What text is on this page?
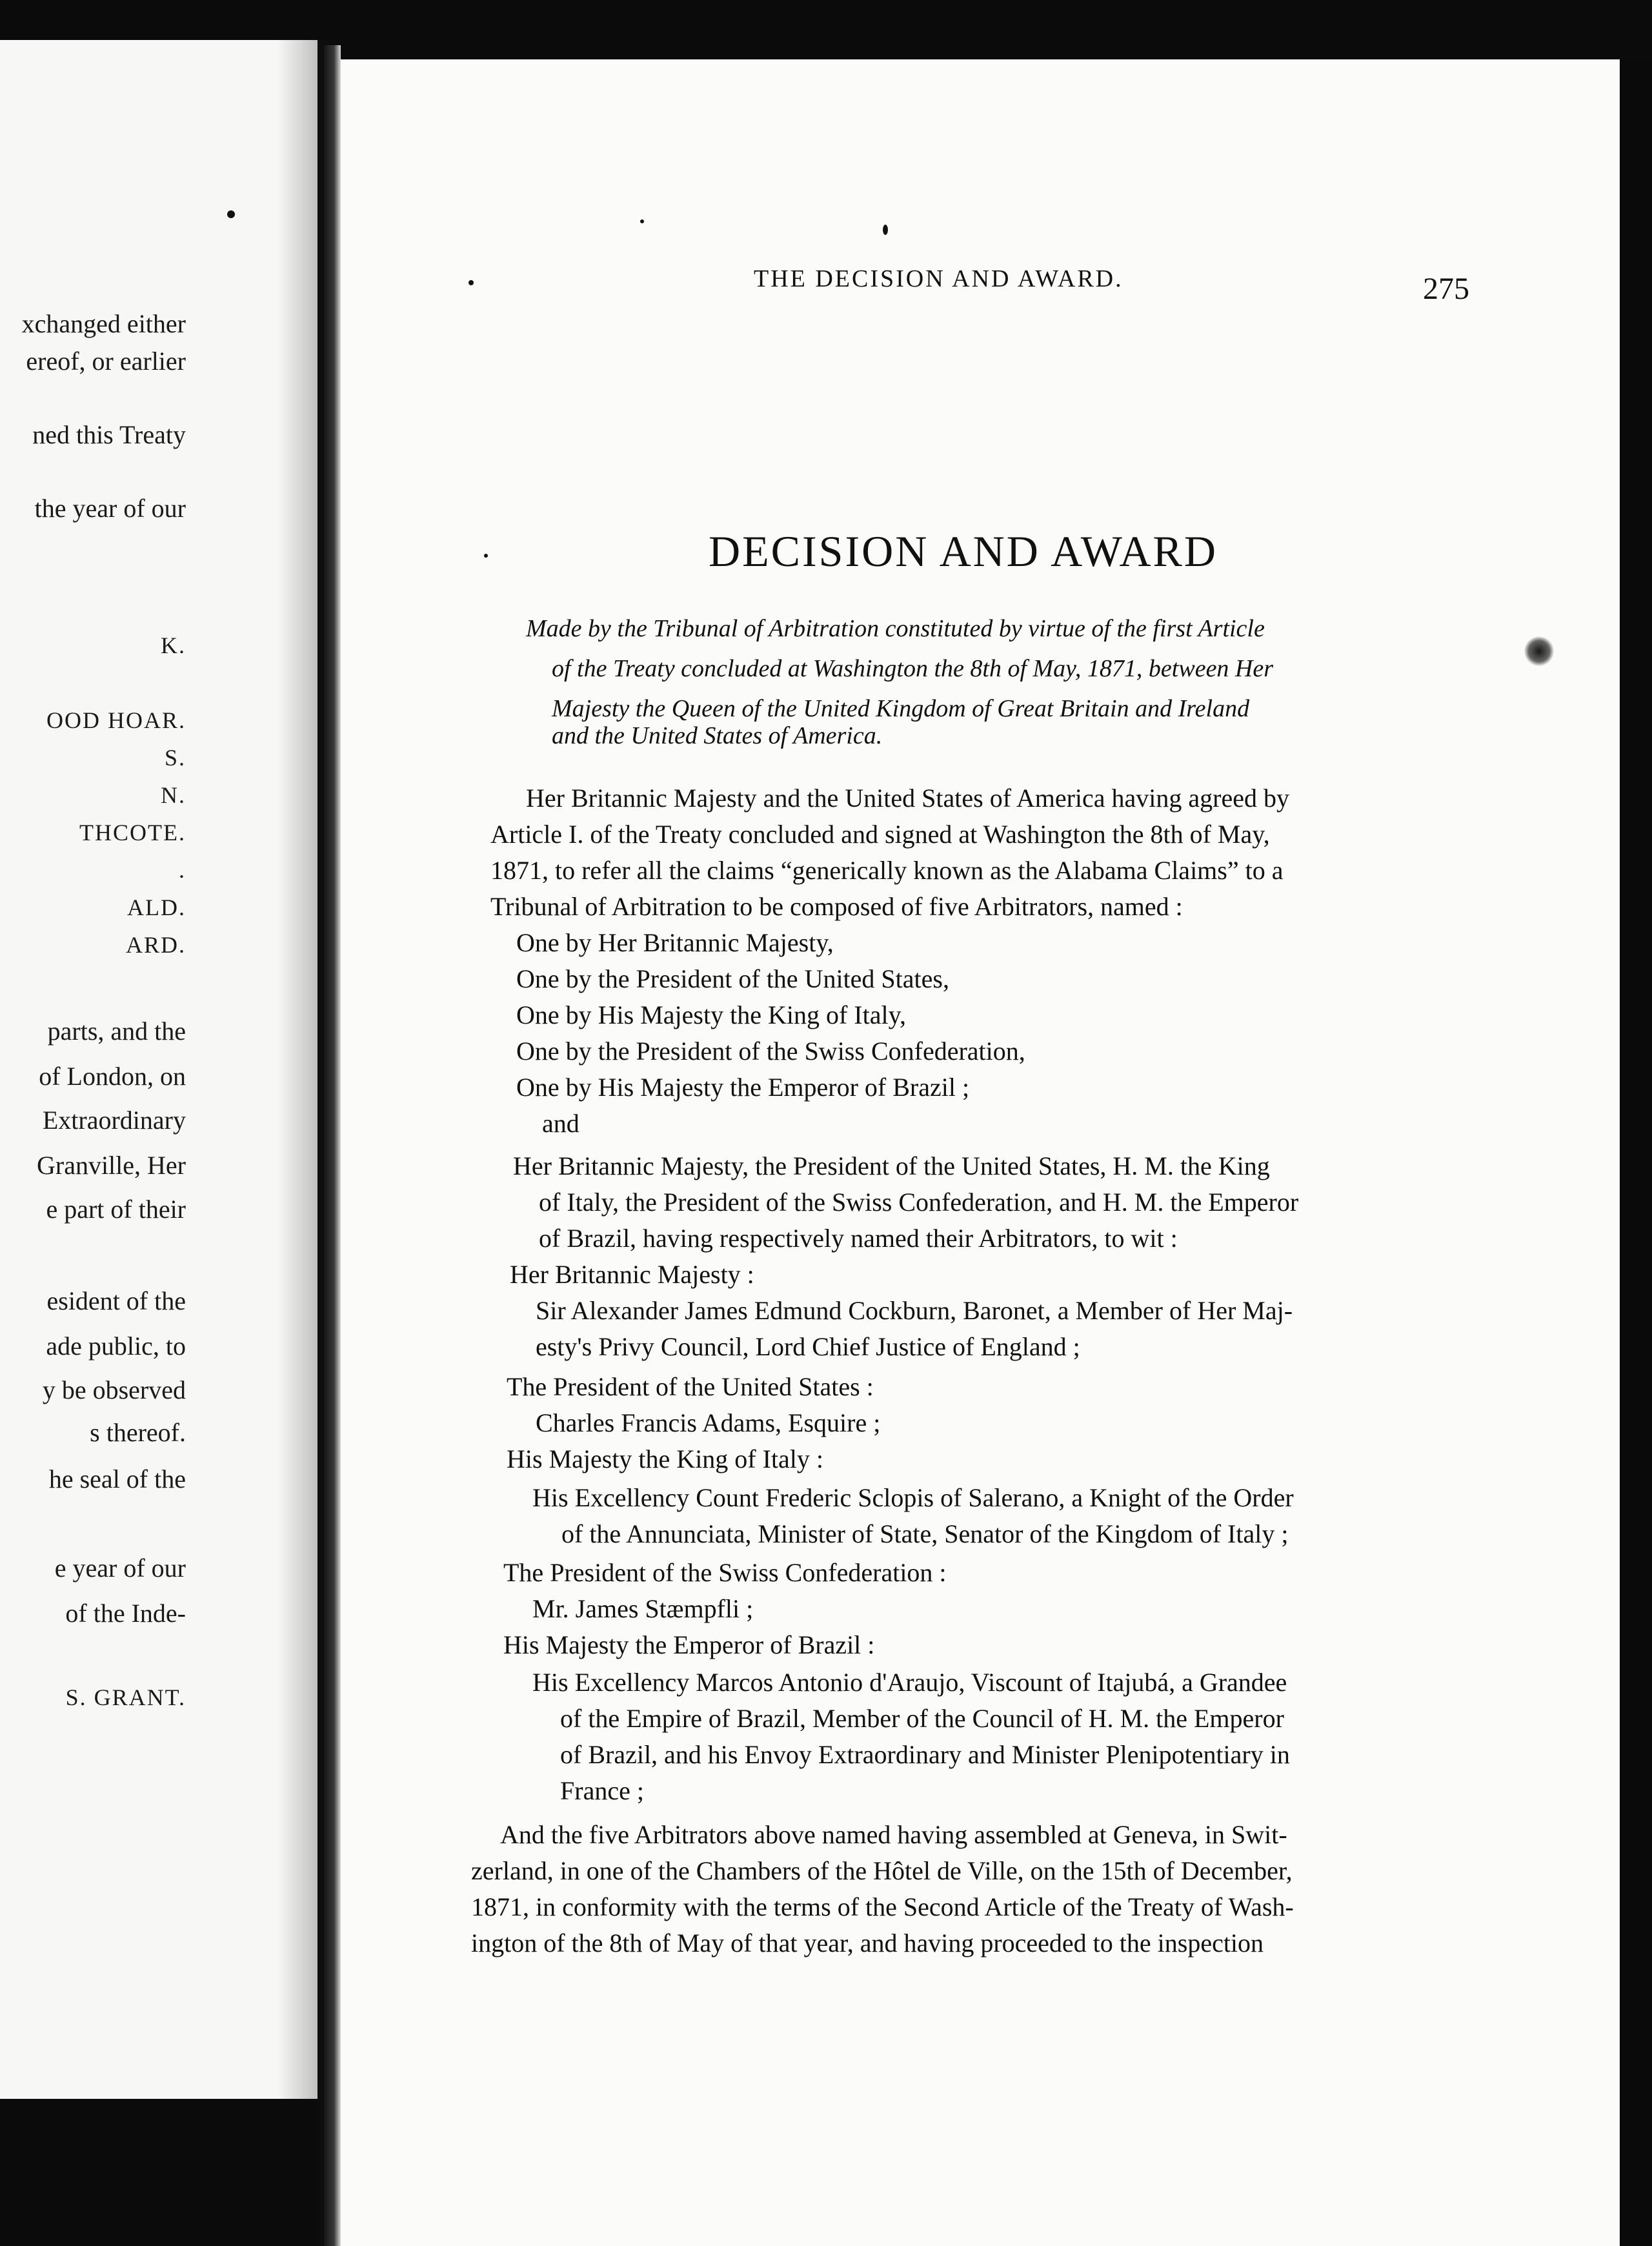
xchanged either
ereof, or earlier
ned this Treaty
the year of our
K.
OOD HOAR.
S.
N.
THCOTE.
.
ALD.
ARD.
parts, and the
of London, on
Extraordinary
Granville, Her
e part of their
esident of the
ade public, to
y be observed
s thereof.
he seal of the
e year of our
of the Inde-
S. GRANT.
THE DECISION AND AWARD.	275
DECISION AND AWARD
Made by the Tribunal of Arbitration constituted by virtue of the first Article
of the Treaty concluded at Washington the 8th of May, 1871, between Her
Majesty the Queen of the United Kingdom of Great Britain and Ireland
and the United States of America.
Her Britannic Majesty and the United States of America having agreed by
Article I. of the Treaty concluded and signed at Washington the 8th of May,
1871, to refer all the claims “generically known as the Alabama Claims” to a
Tribunal of Arbitration to be composed of five Arbitrators, named :
One by Her Britannic Majesty,
One by the President of the United States,
One by His Majesty the King of Italy,
One by the President of the Swiss Confederation,
One by His Majesty the Emperor of Brazil ;
and
Her Britannic Majesty, the President of the United States, H. M. the King
of Italy, the President of the Swiss Confederation, and H. M. the Emperor
of Brazil, having respectively named their Arbitrators, to wit :
Her Britannic Majesty :
Sir Alexander James Edmund Cockburn, Baronet, a Member of Her Maj-
esty's Privy Council, Lord Chief Justice of England ;
The President of the United States :
Charles Francis Adams, Esquire ;
His Majesty the King of Italy :
His Excellency Count Frederic Sclopis of Salerano, a Knight of the Order
of the Annunciata, Minister of State, Senator of the Kingdom of Italy ;
The President of the Swiss Confederation :
Mr. James Stæmpfli ;
His Majesty the Emperor of Brazil :
His Excellency Marcos Antonio d'Araujo, Viscount of Itajubá, a Grandee
of the Empire of Brazil, Member of the Council of H. M. the Emperor
of Brazil, and his Envoy Extraordinary and Minister Plenipotentiary in
France ;
And the five Arbitrators above named having assembled at Geneva, in Swit-
zerland, in one of the Chambers of the Hôtel de Ville, on the 15th of December,
1871, in conformity with the terms of the Second Article of the Treaty of Wash-
ington of the 8th of May of that year, and having proceeded to the inspection
